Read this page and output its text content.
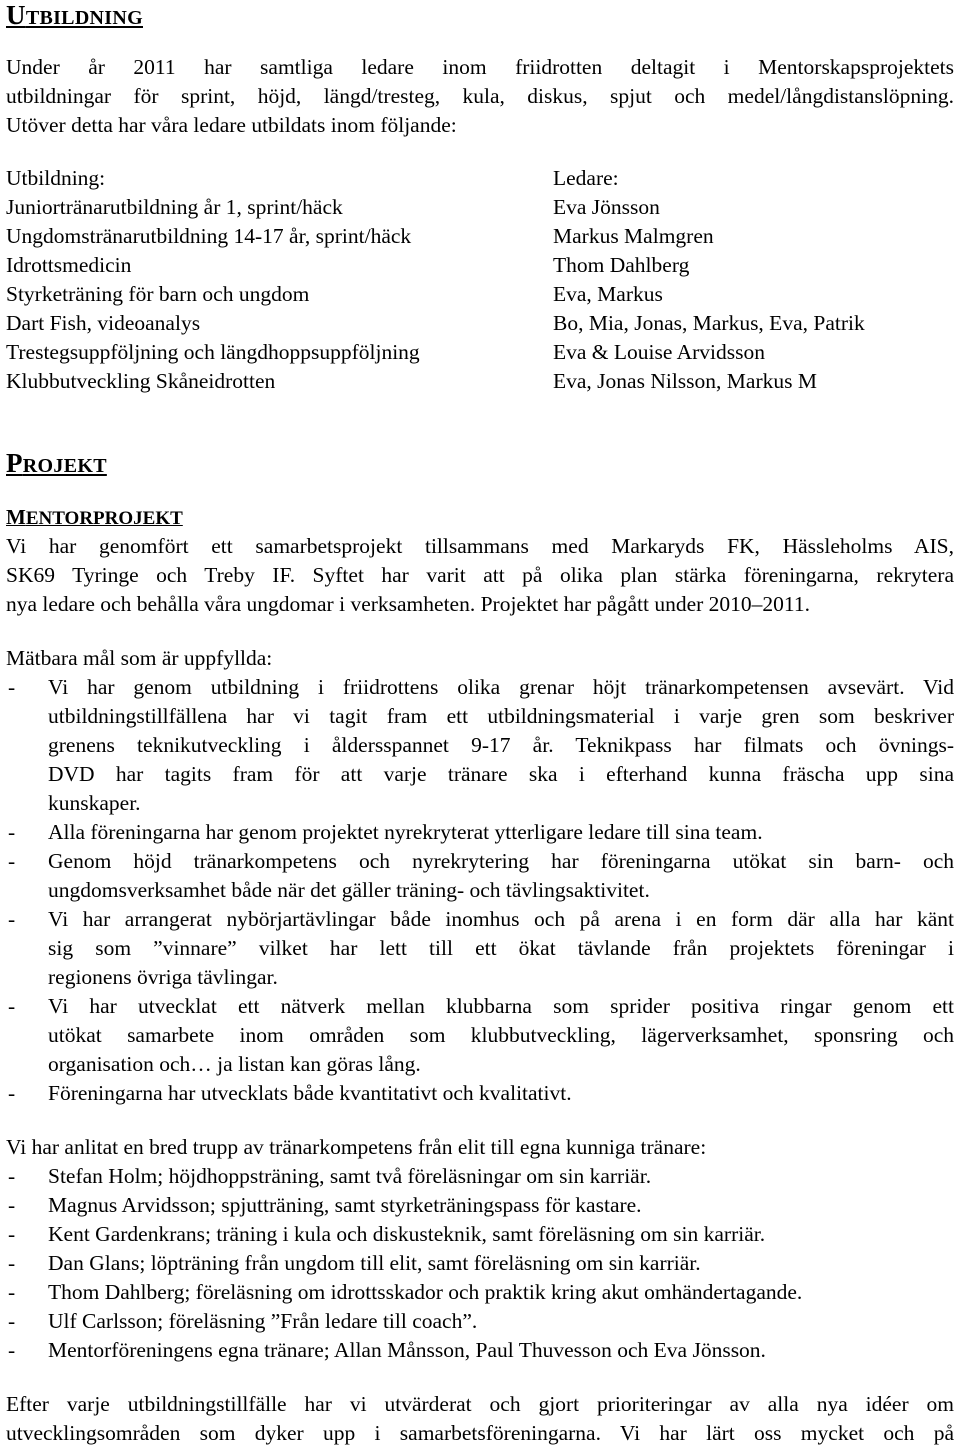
UTBILDNING
Under år 2011 har samtliga ledare inom friidrotten deltagit i Mentorskapsprojektets
utbildningar för sprint, höjd, längd/tresteg, kula, diskus, spjut och medel/långdistanslöpning.
Utöver detta har våra ledare utbildats inom följande:
Utbildning:	Ledare:
Juniortränarutbildning år 1, sprint/häck	Eva Jönsson
Ungdomstränarutbildning 14-17 år, sprint/häck	Markus Malmgren
Idrottsmedicin	Thom Dahlberg
Styrketräning för barn och ungdom	Eva, Markus
Dart Fish, videoanalys	Bo, Mia, Jonas, Markus, Eva, Patrik
Trestegsuppföljning och längdhoppsuppföljning	Eva & Louise Arvidsson
Klubbutveckling Skåneidrotten	Eva, Jonas Nilsson, Markus M
PROJEKT
MENTORPROJEKT
Vi har genomfört ett samarbetsprojekt tillsammans med Markaryds FK, Hässleholms AIS,
SK69 Tyringe och Treby IF. Syftet har varit att på olika plan stärka föreningarna, rekrytera
nya ledare och behålla våra ungdomar i verksamheten. Projektet har pågått under 2010–2011.
Mätbara mål som är uppfyllda:
- Vi har genom utbildning i friidrottens olika grenar höjt tränarkompetensen avsevärt. Vid
utbildningstillfällena har vi tagit fram ett utbildningsmaterial i varje gren som beskriver
grenens teknikutveckling i åldersspannet 9-17 år. Teknikpass har filmats och övnings-
DVD har tagits fram för att varje tränare ska i efterhand kunna fräscha upp sina
kunskaper.
- Alla föreningarna har genom projektet nyrekryterat ytterligare ledare till sina team.
- Genom höjd tränarkompetens och nyrekrytering har föreningarna utökat sin barn- och
ungdomsverksamhet både när det gäller träning- och tävlingsaktivitet.
- Vi har arrangerat nybörjartävlingar både inomhus och på arena i en form där alla har känt
sig som ”vinnare” vilket har lett till ett ökat tävlande från projektets föreningar i
regionens övriga tävlingar.
- Vi har utvecklat ett nätverk mellan klubbarna som sprider positiva ringar genom ett
utökat samarbete inom områden som klubbutveckling, lägerverksamhet, sponsring och
organisation och… ja listan kan göras lång.
- Föreningarna har utvecklats både kvantitativt och kvalitativt.
Vi har anlitat en bred trupp av tränarkompetens från elit till egna kunniga tränare:
- Stefan Holm; höjdhoppsträning, samt två föreläsningar om sin karriär.
- Magnus Arvidsson; spjutträning, samt styrketräningspass för kastare.
- Kent Gardenkrans; träning i kula och diskusteknik, samt föreläsning om sin karriär.
- Dan Glans; löpträning från ungdom till elit, samt föreläsning om sin karriär.
- Thom Dahlberg; föreläsning om idrottsskador och praktik kring akut omhändertagande.
- Ulf Carlsson; föreläsning ”Från ledare till coach”.
- Mentorföreningens egna tränare; Allan Månsson, Paul Thuvesson och Eva Jönsson.
Efter varje utbildningstillfälle har vi utvärderat och gjort prioriteringar av alla nya idéer om
utvecklingsområden som dyker upp i samarbetsföreningarna. Vi har lärt oss mycket och på
